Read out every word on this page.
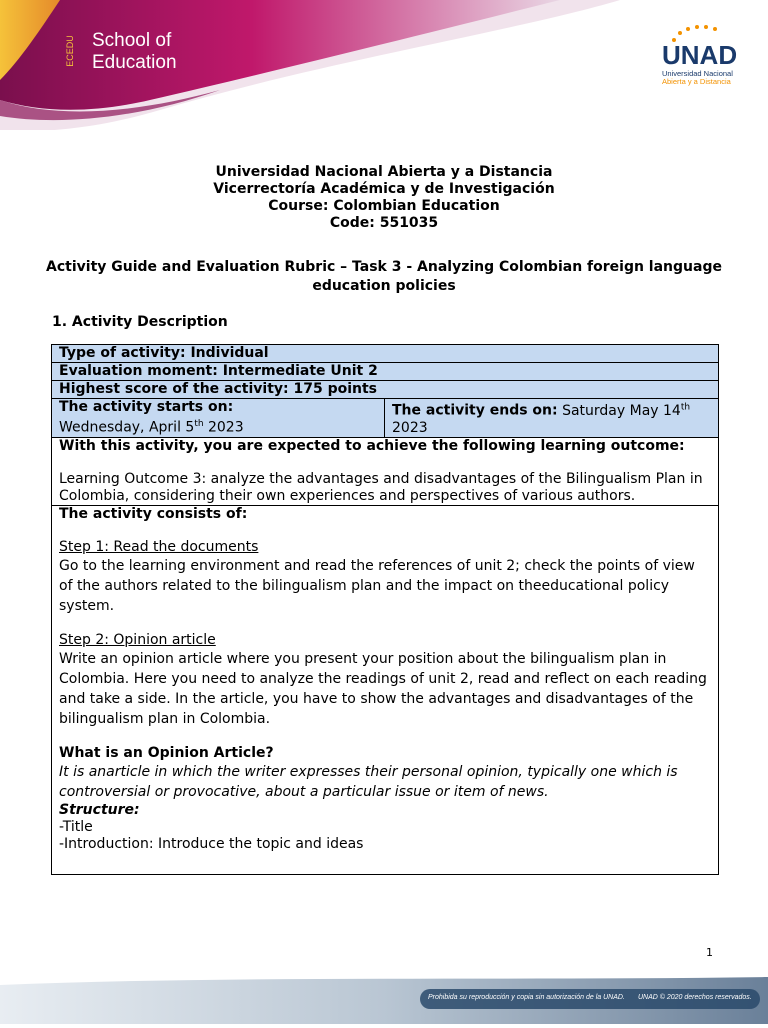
ECEDU School of
Education	UNAD
Universidad Nacional
Abierta y a Distancia
Universidad Nacional Abierta y a Distancia
Vicerrectoría Académica y de Investigación
Course: Colombian Education
Code: 551035
Activity Guide and Evaluation Rubric – Task 3 - Analyzing Colombian foreign language education policies
1. Activity Description
Type of activity: Individual
Evaluation moment: Intermediate Unit 2
Highest score of the activity: 175 points

The activity starts on:
Wednesday, April 5th 2023
	The activity ends on: Saturday May 14th 2023

With this activity, you are expected to achieve the following learning outcome:
Learning Outcome 3: analyze the advantages and disadvantages of the Bilingualism Plan in Colombia, considering their own experiences and perspectives of various authors.

The activity consists of:
Step 1: Read the documents
Go to the learning environment and read the references of unit 2; check the points of view of the authors related to the bilingualism plan and the impact on theeducational policy system.
Step 2: Opinion article
Write an opinion article where you present your position about the bilingualism plan in Colombia. Here you need to analyze the readings of unit 2, read and reflect on each reading and take a side. In the article, you have to show the advantages and disadvantages of the bilingualism plan in Colombia.
What is an Opinion Article?
It is anarticle in which the writer expresses their personal opinion, typically one which is controversial or provocative, about a particular issue or item of news.
Structure:
-Title
-Introduction: Introduce the topic and ideas
1
Prohibida su reproducción y copia sin autorización de la UNAD. UNAD © 2020 derechos reservados.
